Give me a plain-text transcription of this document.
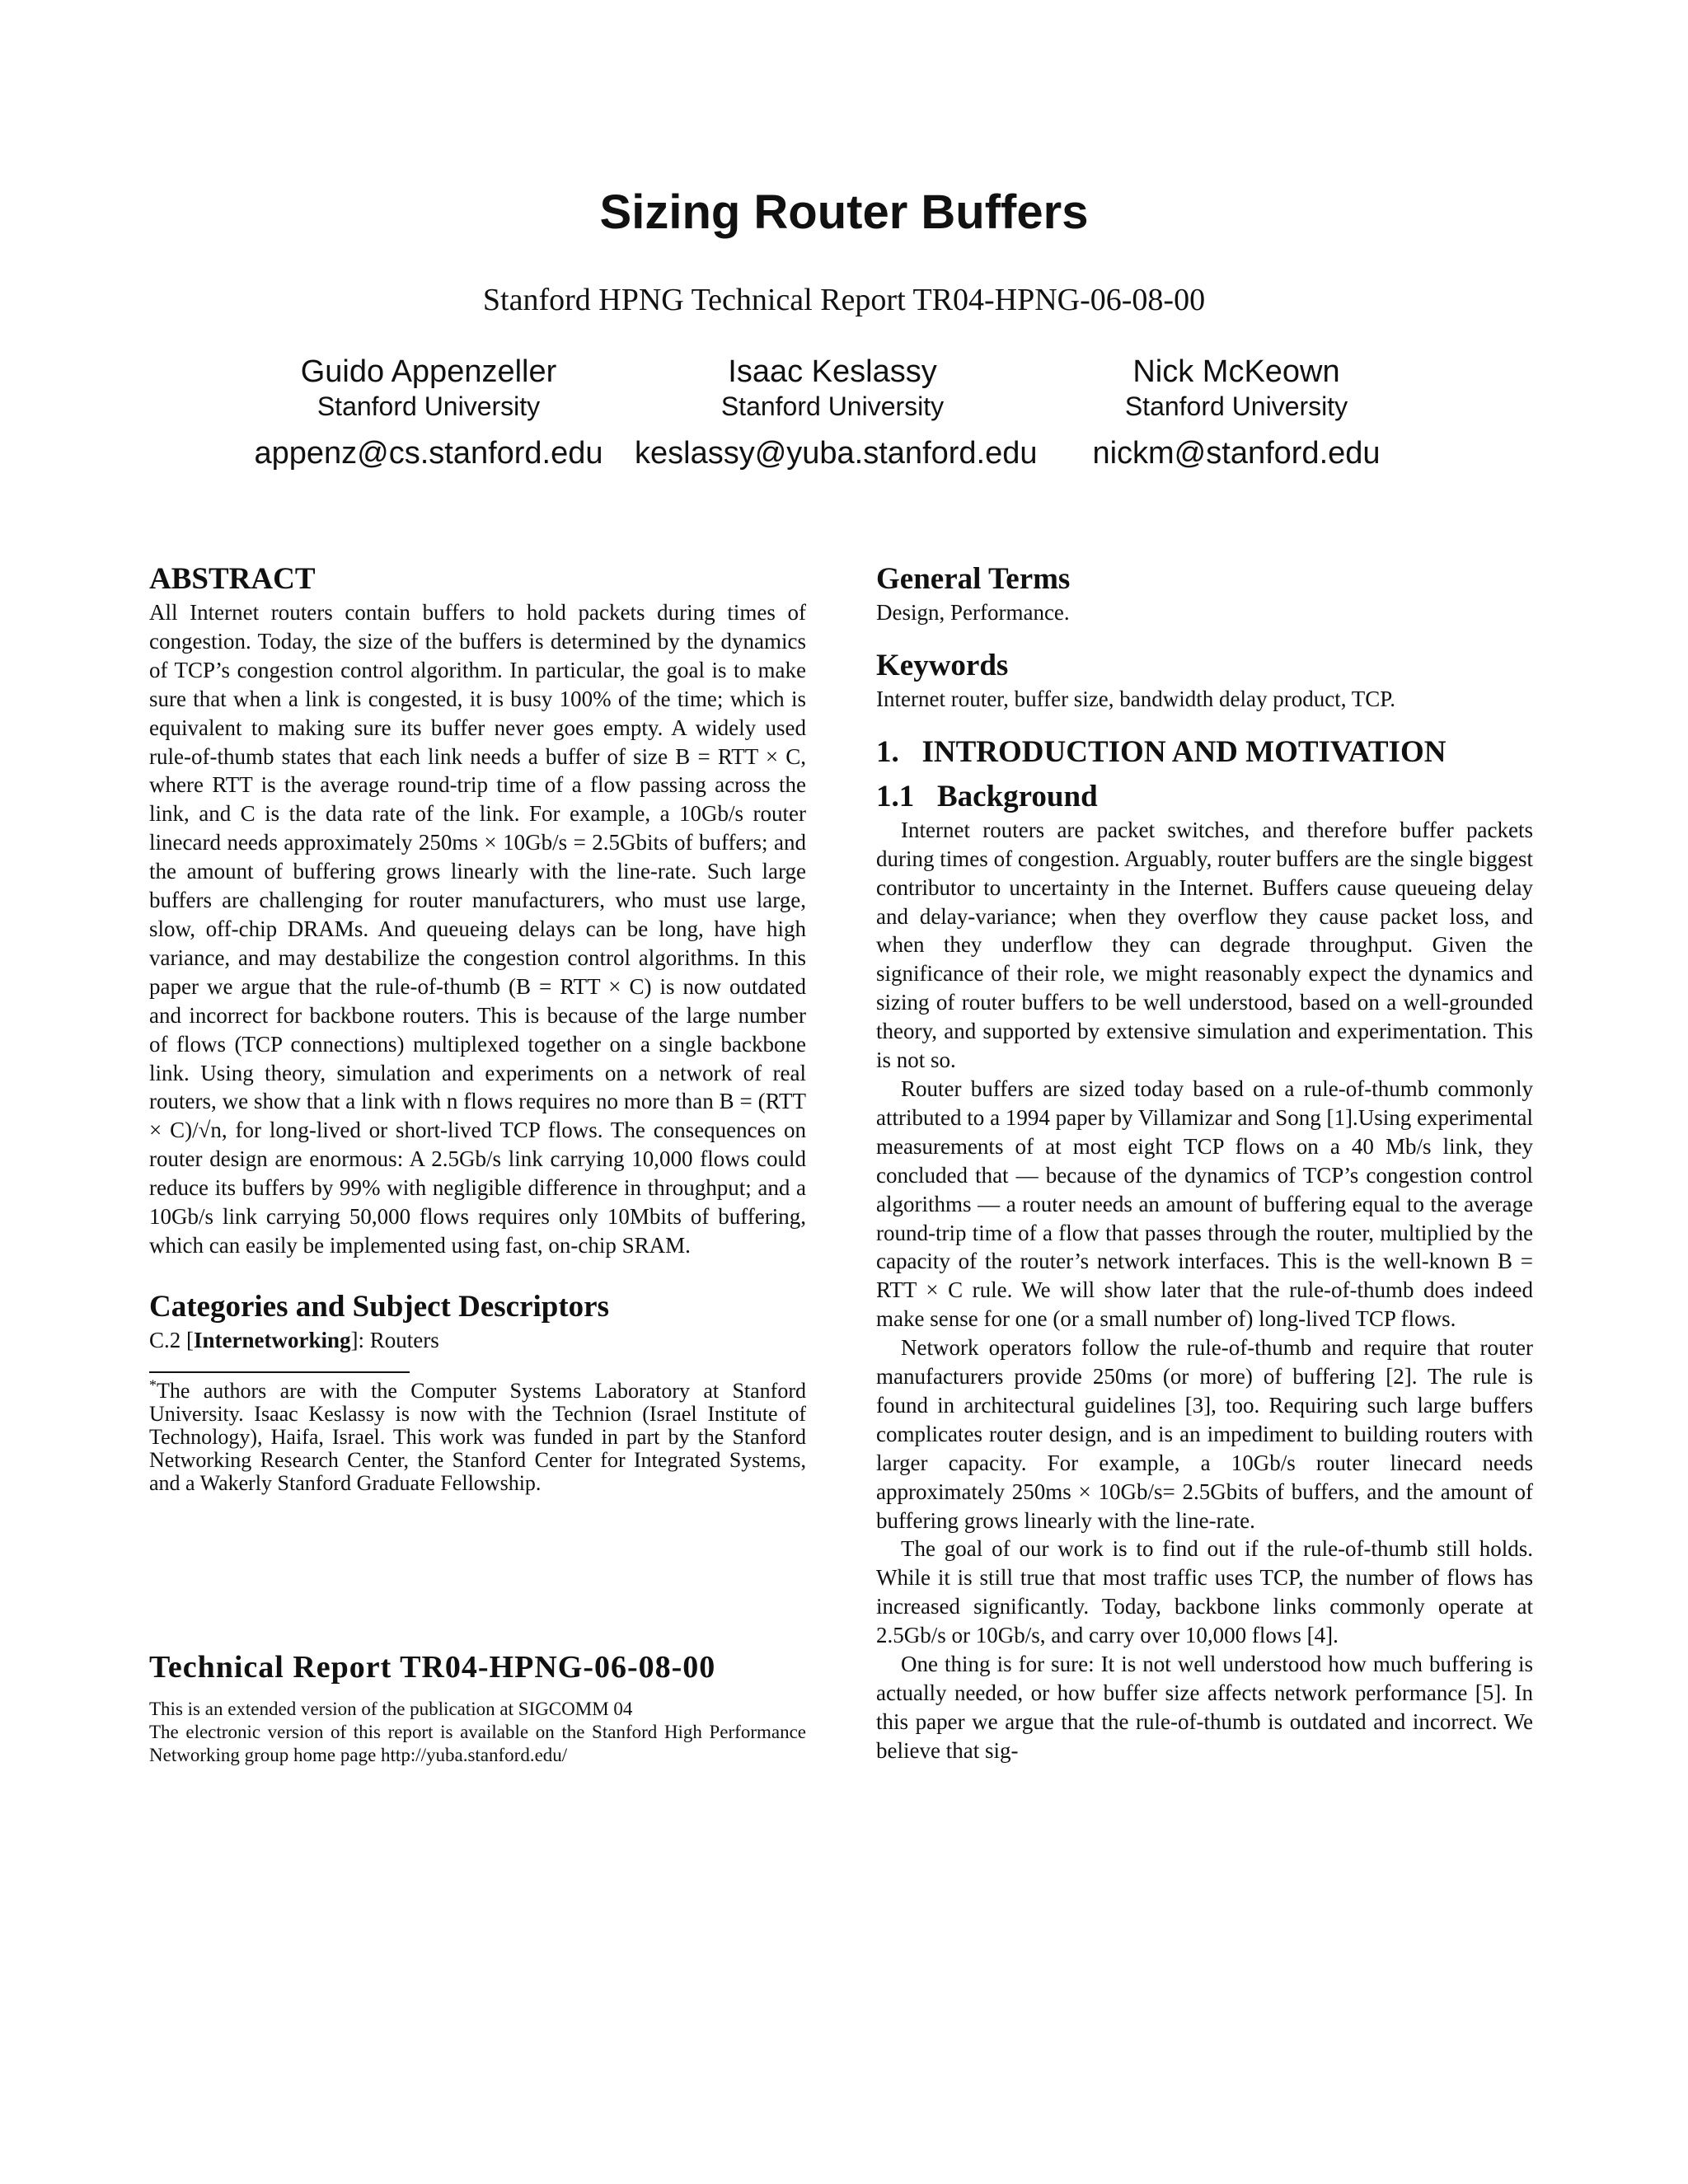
Sizing Router Buffers
Stanford HPNG Technical Report TR04-HPNG-06-08-00
Guido Appenzeller
Stanford University
appenz@cs.stanford.edu
Isaac Keslassy
Stanford University
keslassy@yuba.stanford.edu
Nick McKeown
Stanford University
nickm@stanford.edu
ABSTRACT

All Internet routers contain buffers to hold packets during times of congestion. Today, the size of the buffers is determined by the dynamics of TCP’s congestion control algorithm. In particular, the goal is to make sure that when a link is congested, it is busy 100% of the time; which is equivalent to making sure its buffer never goes empty. A widely used rule-of-thumb states that each link needs a buffer of size B = RTT × C, where RTT is the average round-trip time of a flow passing across the link, and C is the data rate of the link. For example, a 10Gb/s router linecard needs approximately 250ms × 10Gb/s = 2.5Gbits of buffers; and the amount of buffering grows linearly with the line-rate. Such large buffers are challenging for router manufacturers, who must use large, slow, off-chip DRAMs. And queueing delays can be long, have high variance, and may destabilize the congestion control algorithms. In this paper we argue that the rule-of-thumb (B = RTT × C) is now outdated and incorrect for backbone routers. This is because of the large number of flows (TCP connections) multiplexed together on a single backbone link. Using theory, simulation and experiments on a network of real routers, we show that a link with n flows requires no more than B = (RTT × C)/√n, for long-lived or short-lived TCP flows. The consequences on router design are enormous: A 2.5Gb/s link carrying 10,000 flows could reduce its buffers by 99% with negligible difference in throughput; and a 10Gb/s link carrying 50,000 flows requires only 10Mbits of buffering, which can easily be implemented using fast, on-chip SRAM.

Categories and Subject Descriptors

C.2 [Internetworking]: Routers

*The authors are with the Computer Systems Laboratory at Stanford University. Isaac Keslassy is now with the Technion (Israel Institute of Technology), Haifa, Israel. This work was funded in part by the Stanford Networking Research Center, the Stanford Center for Integrated Systems, and a Wakerly Stanford Graduate Fellowship.
Technical Report TR04-HPNG-06-08-00
This is an extended version of the publication at SIGCOMM 04
The electronic version of this report is available on the Stanford High Performance Networking group home page http://yuba.stanford.edu/
General Terms

Design, Performance.

Keywords

Internet router, buffer size, bandwidth delay product, TCP.

1.   INTRODUCTION AND MOTIVATION
1.1   Background

Internet routers are packet switches, and therefore buffer packets during times of congestion. Arguably, router buffers are the single biggest contributor to uncertainty in the Internet. Buffers cause queueing delay and delay-variance; when they overflow they cause packet loss, and when they underflow they can degrade throughput. Given the significance of their role, we might reasonably expect the dynamics and sizing of router buffers to be well understood, based on a well-grounded theory, and supported by extensive simulation and experimentation. This is not so.

Router buffers are sized today based on a rule-of-thumb commonly attributed to a 1994 paper by Villamizar and Song [1].Using experimental measurements of at most eight TCP flows on a 40 Mb/s link, they concluded that — because of the dynamics of TCP’s congestion control algorithms — a router needs an amount of buffering equal to the average round-trip time of a flow that passes through the router, multiplied by the capacity of the router’s network interfaces. This is the well-known B = RTT × C rule. We will show later that the rule-of-thumb does indeed make sense for one (or a small number of) long-lived TCP flows.

Network operators follow the rule-of-thumb and require that router manufacturers provide 250ms (or more) of buffering [2]. The rule is found in architectural guidelines [3], too. Requiring such large buffers complicates router design, and is an impediment to building routers with larger capacity. For example, a 10Gb/s router linecard needs approximately 250ms × 10Gb/s= 2.5Gbits of buffers, and the amount of buffering grows linearly with the line-rate.

The goal of our work is to find out if the rule-of-thumb still holds. While it is still true that most traffic uses TCP, the number of flows has increased significantly. Today, backbone links commonly operate at 2.5Gb/s or 10Gb/s, and carry over 10,000 flows [4].

One thing is for sure: It is not well understood how much buffering is actually needed, or how buffer size affects network performance [5]. In this paper we argue that the rule-of-thumb is outdated and incorrect. We believe that sig-
